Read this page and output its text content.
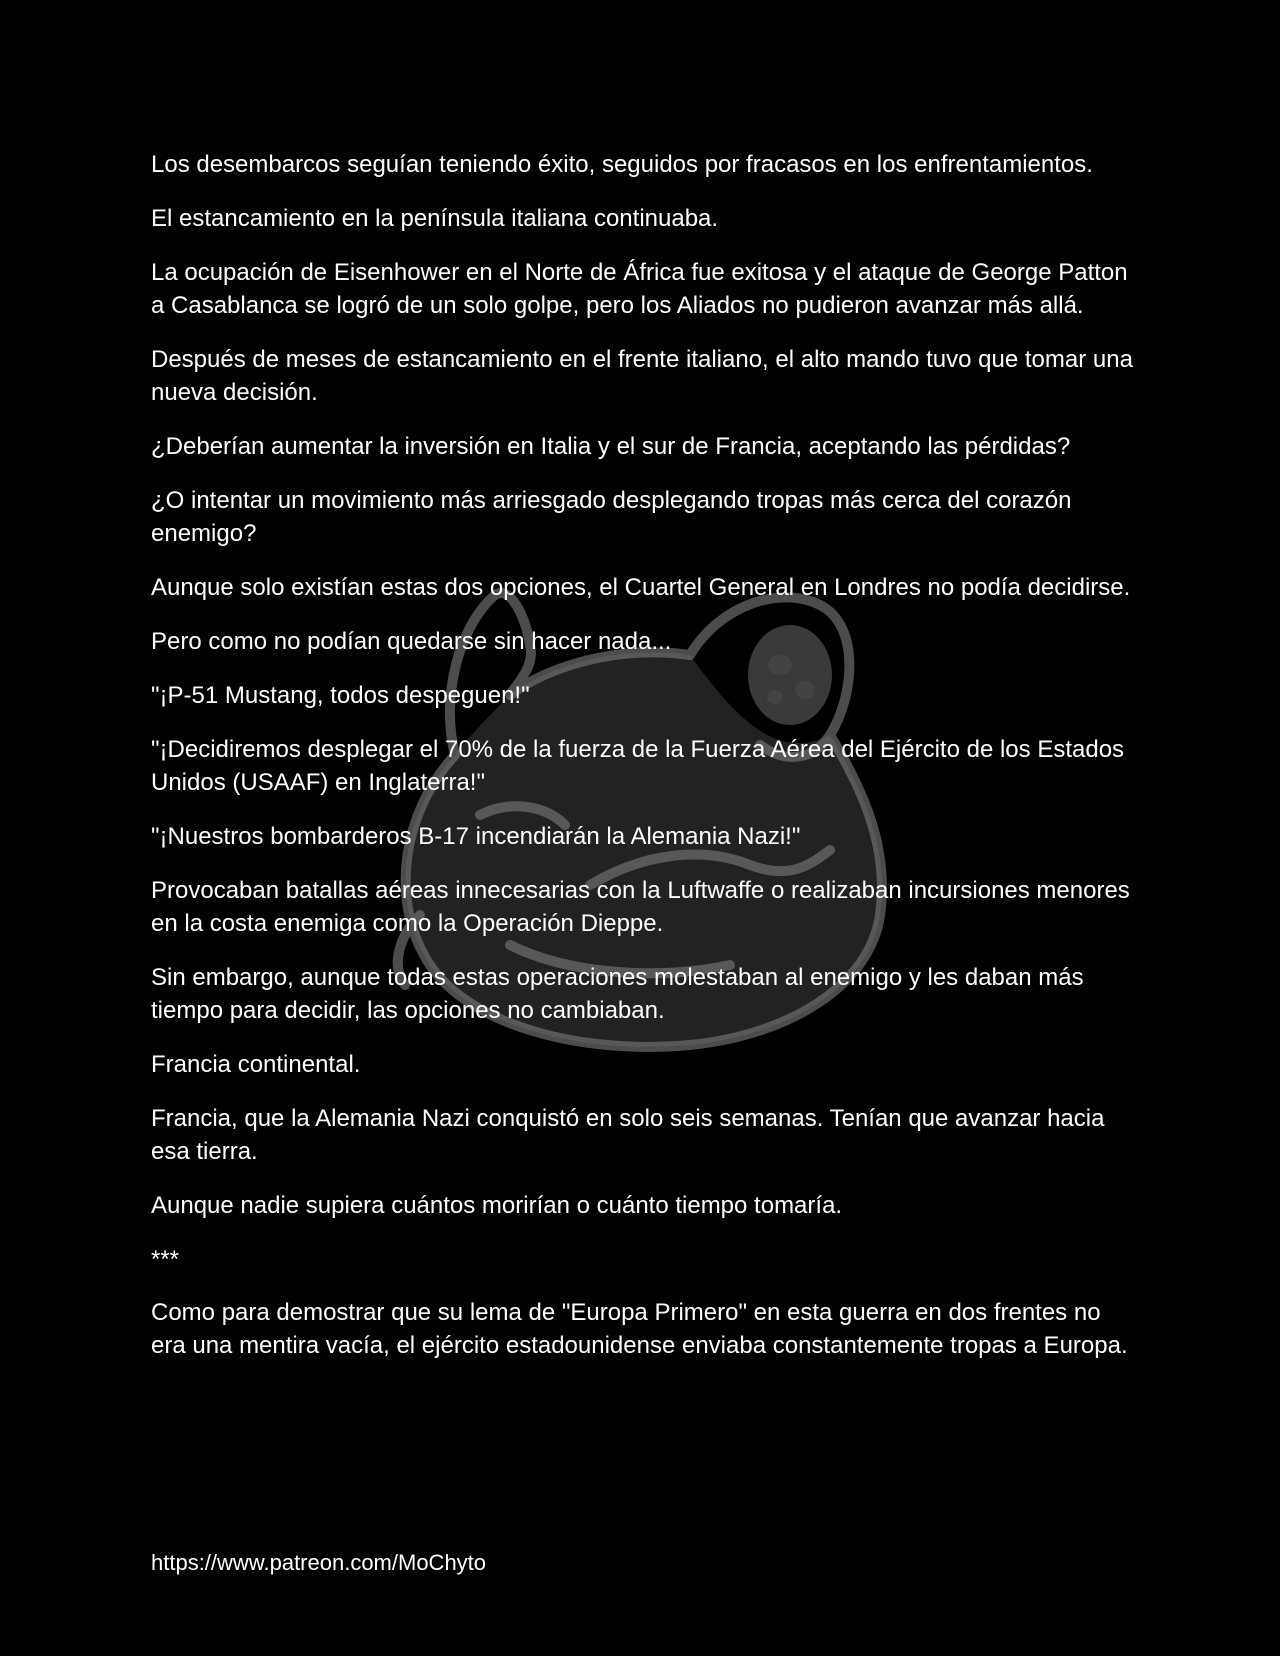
Los desembarcos seguían teniendo éxito, seguidos por fracasos en los enfrentamientos.

El estancamiento en la península italiana continuaba.

La ocupación de Eisenhower en el Norte de África fue exitosa y el ataque de George Patton a Casablanca se logró de un solo golpe, pero los Aliados no pudieron avanzar más allá.

Después de meses de estancamiento en el frente italiano, el alto mando tuvo que tomar una nueva decisión.

¿Deberían aumentar la inversión en Italia y el sur de Francia, aceptando las pérdidas?

¿O intentar un movimiento más arriesgado desplegando tropas más cerca del corazón enemigo?

Aunque solo existían estas dos opciones, el Cuartel General en Londres no podía decidirse.

Pero como no podían quedarse sin hacer nada...

"¡P-51 Mustang, todos despeguen!"

"¡Decidiremos desplegar el 70% de la fuerza de la Fuerza Aérea del Ejército de los Estados Unidos (USAAF) en Inglaterra!"

"¡Nuestros bombarderos B-17 incendiarán la Alemania Nazi!"

Provocaban batallas aéreas innecesarias con la Luftwaffe o realizaban incursiones menores en la costa enemiga como la Operación Dieppe.

Sin embargo, aunque todas estas operaciones molestaban al enemigo y les daban más tiempo para decidir, las opciones no cambiaban.

Francia continental.

Francia, que la Alemania Nazi conquistó en solo seis semanas. Tenían que avanzar hacia esa tierra.

Aunque nadie supiera cuántos morirían o cuánto tiempo tomaría.

***

Como para demostrar que su lema de "Europa Primero" en esta guerra en dos frentes no era una mentira vacía, el ejército estadounidense enviaba constantemente tropas a Europa.

https://www.patreon.com/MoChyto
